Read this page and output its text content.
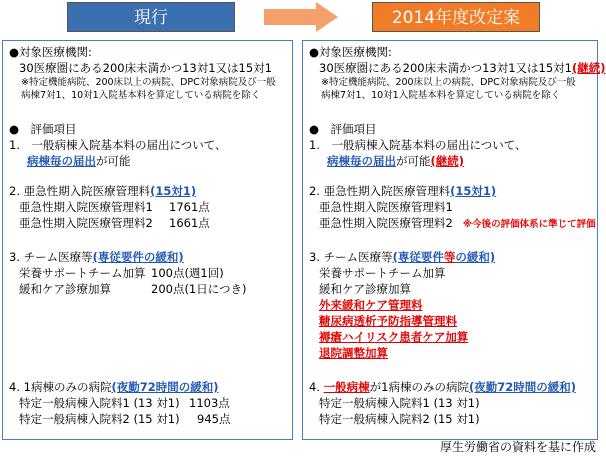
現行	2014年度改定案
●対象医療機関:
30医療圏にある200床未満かつ13対1又は15対1
※特定機能病院、200床以上の病院、DPC対象病院及び一般
病棟7対1、10対1入院基本料を算定している病院を除く
●　評価項目
1.　一般病棟入院基本料の届出について、
病棟毎の届出が可能
2. 亜急性期入院医療管理料(15対1)
亜急性期入院医療管理料1	1761点
亜急性期入院医療管理料2	1661点
3. チーム医療等(専従要件の緩和)
栄養サポートチーム加算 100点(週1回)
緩和ケア診療加算	200点(1日につき)
4. 1病棟のみの病院(夜勤72時間の緩和)
特定一般病棟入院料1 (13 対1) 1103点
特定一般病棟入院料2 (15 対1)	945点
●対象医療機関:
30医療圏にある200床未満かつ13対1又は15対1(継続)
※特定機能病院、200床以上の病院、DPC対象病院及び一般
病棟7対1、10対1入院基本料を算定している病院を除く
●　評価項目
1.　一般病棟入院基本料の届出について、
病棟毎の届出が可能(継続)
2. 亜急性期入院医療管理料(15対1)
亜急性期入院医療管理料1
亜急性期入院医療管理料2 ※今後の評価体系に準じて評価
3. チーム医療等(専従要件等の緩和)
栄養サポートチーム加算
緩和ケア診療加算
外来緩和ケア管理料
糖尿病透析予防指導管理料
褥瘡ハイリスク患者ケア加算
退院調整加算
4. 一般病棟が1病棟のみの病院(夜勤72時間の緩和)
特定一般病棟入院料1 (13 対1)
特定一般病棟入院料2 (15 対1)
厚生労働省の資料を基に作成
